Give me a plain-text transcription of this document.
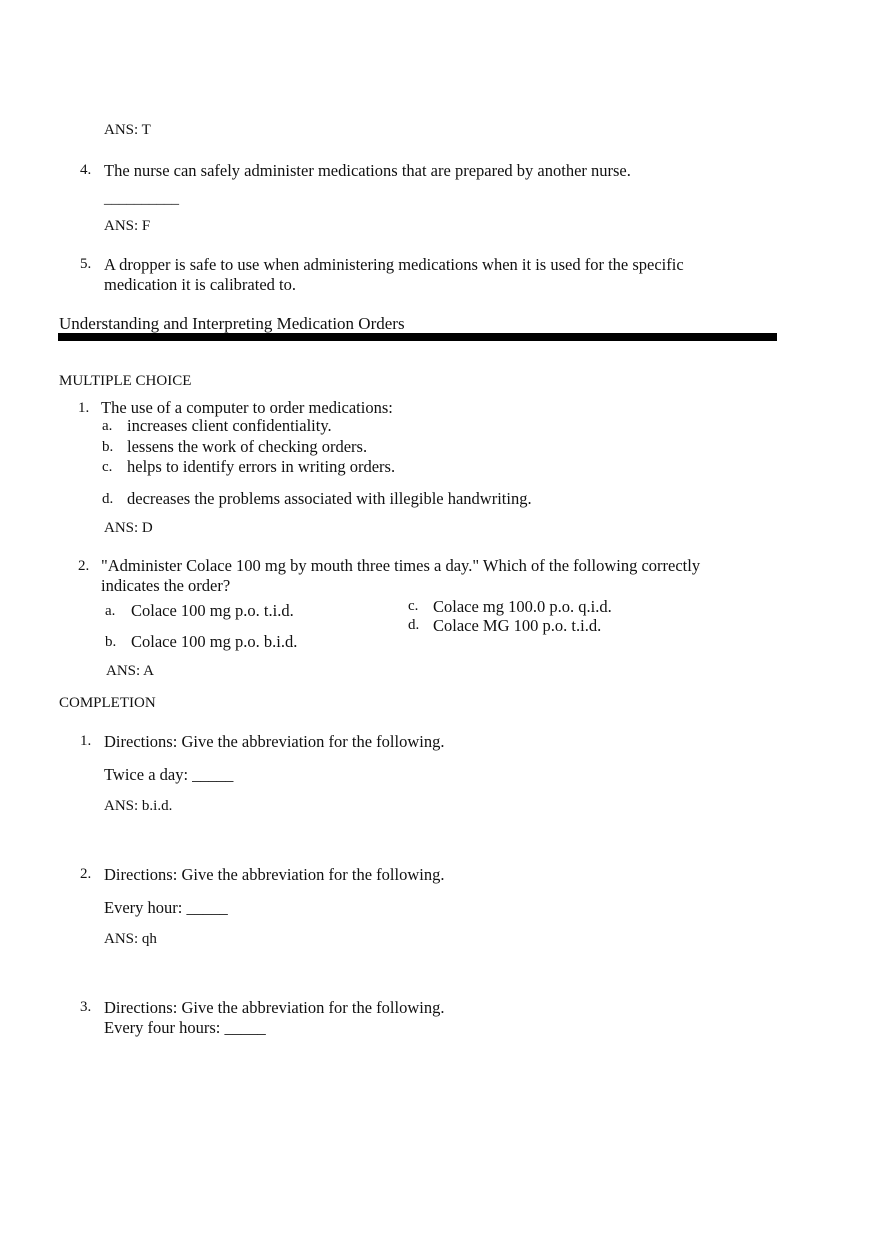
ANS: T
4. The nurse can safely administer medications that are prepared by another nurse.
__________
ANS: F
5. A dropper is safe to use when administering medications when it is used for the specific
medication it is calibrated to.
Understanding and Interpreting Medication Orders
MULTIPLE CHOICE
1. The use of a computer to order medications:
a. increases client confidentiality.
b. lessens the work of checking orders.
c. helps to identify errors in writing orders.
d. decreases the problems associated with illegible handwriting.
ANS: D
2. "Administer Colace 100 mg by mouth three times a day." Which of the following correctly
indicates the order?
a. Colace 100 mg p.o. t.i.d.
b. Colace 100 mg p.o. b.i.d.
c. Colace mg 100.0 p.o. q.i.d.
d. Colace MG 100 p.o. t.i.d.
ANS: A
COMPLETION
1. Directions: Give the abbreviation for the following.
Twice a day: _____
ANS: b.i.d.
2. Directions: Give the abbreviation for the following.
Every hour: _____
ANS: qh
3. Directions: Give the abbreviation for the following.
Every four hours: _____
